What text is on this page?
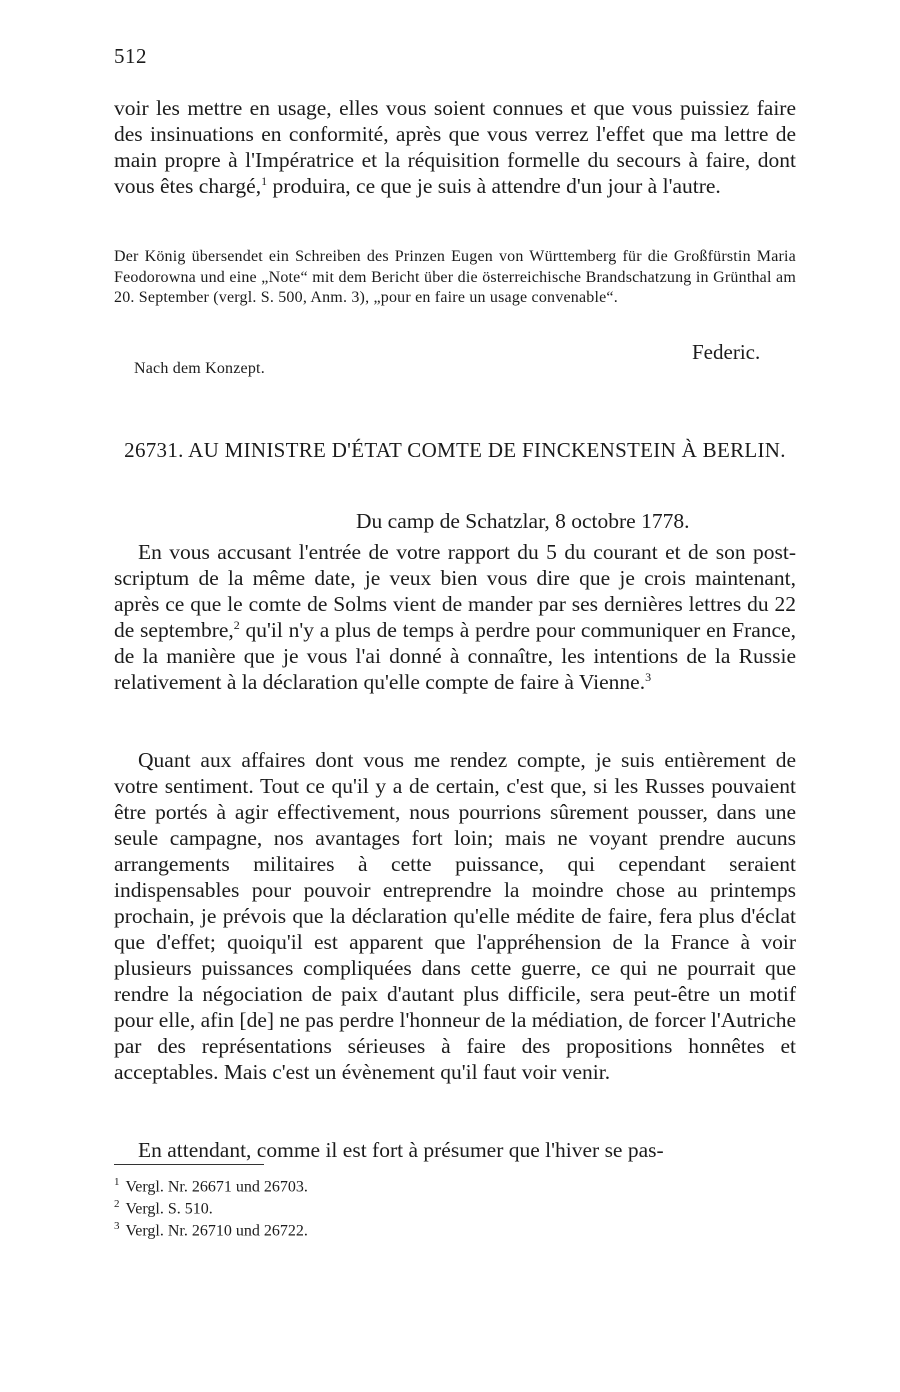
512

voir les mettre en usage, elles vous soient connues et que vous puissiez faire des insinuations en conformité, après que vous verrez l'effet que ma lettre de main propre à l'Impératrice et la réquisition formelle du secours à faire, dont vous êtes chargé,$^1$ produira, ce que je suis à attendre d'un jour à l'autre.

Der König übersendet ein Schreiben des Prinzen Eugen von Württemberg für die Großfürstin Maria Feodorowna und eine „Note“ mit dem Bericht über die österreichische Brandschatzung in Grünthal am 20. September (vergl. S. 500, Anm. 3), „pour en faire un usage convenable“.

Federic.
Nach dem Konzept.
26731. AU MINISTRE D'ÉTAT COMTE DE FINCKENSTEIN À BERLIN.
Du camp de Schatzlar, 8 octobre 1778.

En vous accusant l'entrée de votre rapport du 5 du courant et de son post-scriptum de la même date, je veux bien vous dire que je crois maintenant, après ce que le comte de Solms vient de mander par ses dernières lettres du 22 de septembre,$^2$ qu'il n'y a plus de temps à perdre pour communiquer en France, de la manière que je vous l'ai donné à connaître, les intentions de la Russie relativement à la déclaration qu'elle compte de faire à Vienne.$^3$

Quant aux affaires dont vous me rendez compte, je suis entièrement de votre sentiment. Tout ce qu'il y a de certain, c'est que, si les Russes pouvaient être portés à agir effectivement, nous pourrions sûrement pousser, dans une seule campagne, nos avantages fort loin; mais ne voyant prendre aucuns arrangements militaires à cette puissance, qui cependant seraient indispensables pour pouvoir entreprendre la moindre chose au printemps prochain, je prévois que la déclaration qu'elle médite de faire, fera plus d'éclat que d'effet; quoiqu'il est apparent que l'appréhension de la France à voir plusieurs puissances compliquées dans cette guerre, ce qui ne pourrait que rendre la négociation de paix d'autant plus difficile, sera peut-être un motif pour elle, afin [de] ne pas perdre l'honneur de la médiation, de forcer l'Autriche par des représentations sérieuses à faire des propositions honnêtes et acceptables. Mais c'est un évènement qu'il faut voir venir.

En attendant, comme il est fort à présumer que l'hiver se pas-

$^1$ Vergl. Nr. 26671 und 26703.
$^2$ Vergl. S. 510.
$^3$ Vergl. Nr. 26710 und 26722.
